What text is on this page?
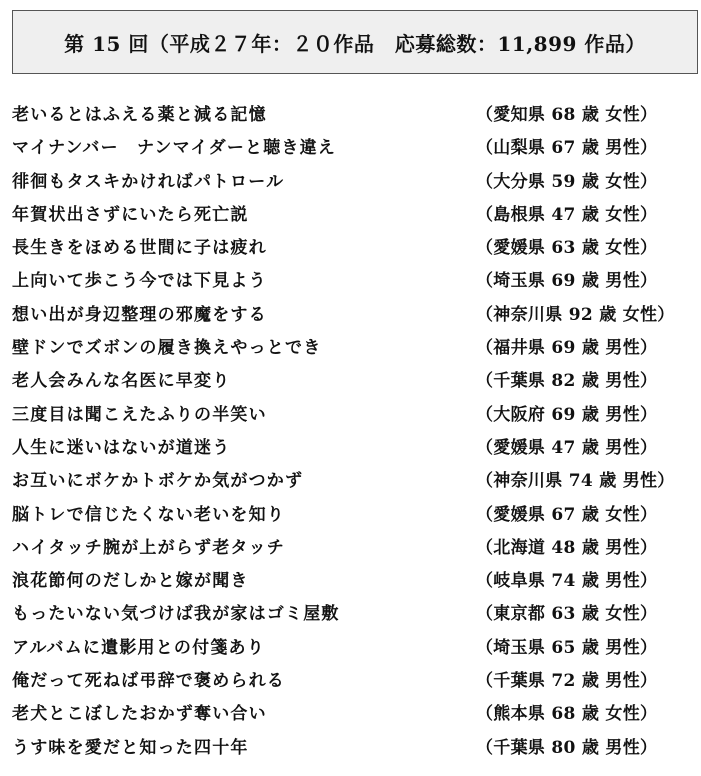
第 15 回（平成２７年：２０作品　応募総数：11,899 作品）
老いるとはふえる薬と減る記憶	（愛知県 68 歳 女性）
マイナンバー　ナンマイダーと聴き違え	（山梨県 67 歳 男性）
徘徊もタスキかければパトロール	（大分県 59 歳 女性）
年賀状出さずにいたら死亡説	（島根県 47 歳 女性）
長生きをほめる世間に子は疲れ	（愛媛県 63 歳 女性）
上向いて歩こう今では下見よう	（埼玉県 69 歳 男性）
想い出が身辺整理の邪魔をする	（神奈川県 92 歳 女性）
壁ドンでズボンの履き換えやっとでき	（福井県 69 歳 男性）
老人会みんな名医に早変り	（千葉県 82 歳 男性）
三度目は聞こえたふりの半笑い	（大阪府 69 歳 男性）
人生に迷いはないが道迷う	（愛媛県 47 歳 男性）
お互いにボケかトボケか気がつかず	（神奈川県 74 歳 男性）
脳トレで信じたくない老いを知り	（愛媛県 67 歳 女性）
ハイタッチ腕が上がらず老タッチ	（北海道 48 歳 男性）
浪花節何のだしかと嫁が聞き	（岐阜県 74 歳 男性）
もったいない気づけば我が家はゴミ屋敷	（東京都 63 歳 女性）
アルバムに遺影用との付箋あり	（埼玉県 65 歳 男性）
俺だって死ねば弔辞で褒められる	（千葉県 72 歳 男性）
老犬とこぼしたおかず奪い合い	（熊本県 68 歳 女性）
うす味を愛だと知った四十年	（千葉県 80 歳 男性）
